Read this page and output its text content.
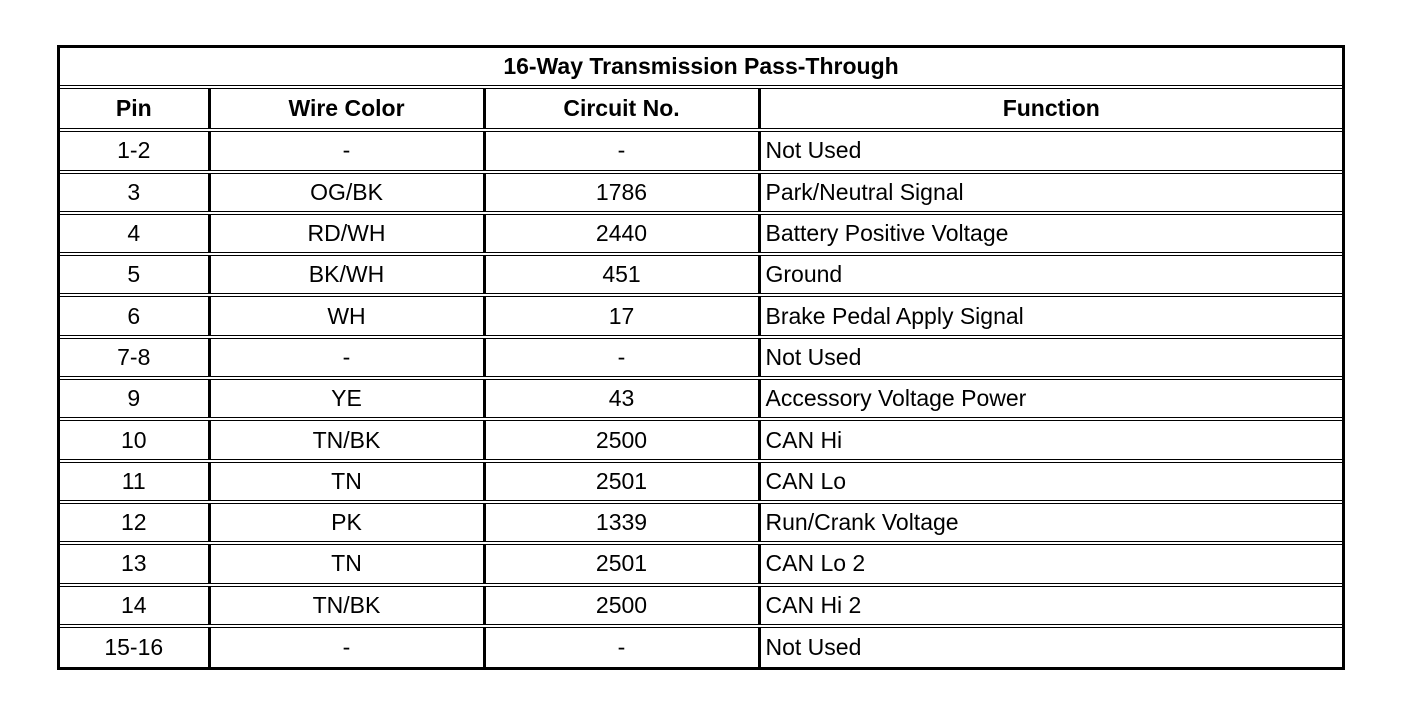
16-Way Transmission Pass-Through
Pin	Wire Color	Circuit No.	Function
1-2	-	-	Not Used
3	OG/BK	1786	Park/Neutral Signal
4	RD/WH	2440	Battery Positive Voltage
5	BK/WH	451	Ground
6	WH	17	Brake Pedal Apply Signal
7-8	-	-	Not Used
9	YE	43	Accessory Voltage Power
10	TN/BK	2500	CAN Hi
11	TN	2501	CAN Lo
12	PK	1339	Run/Crank Voltage
13	TN	2501	CAN Lo 2
14	TN/BK	2500	CAN Hi 2
15-16	-	-	Not Used
